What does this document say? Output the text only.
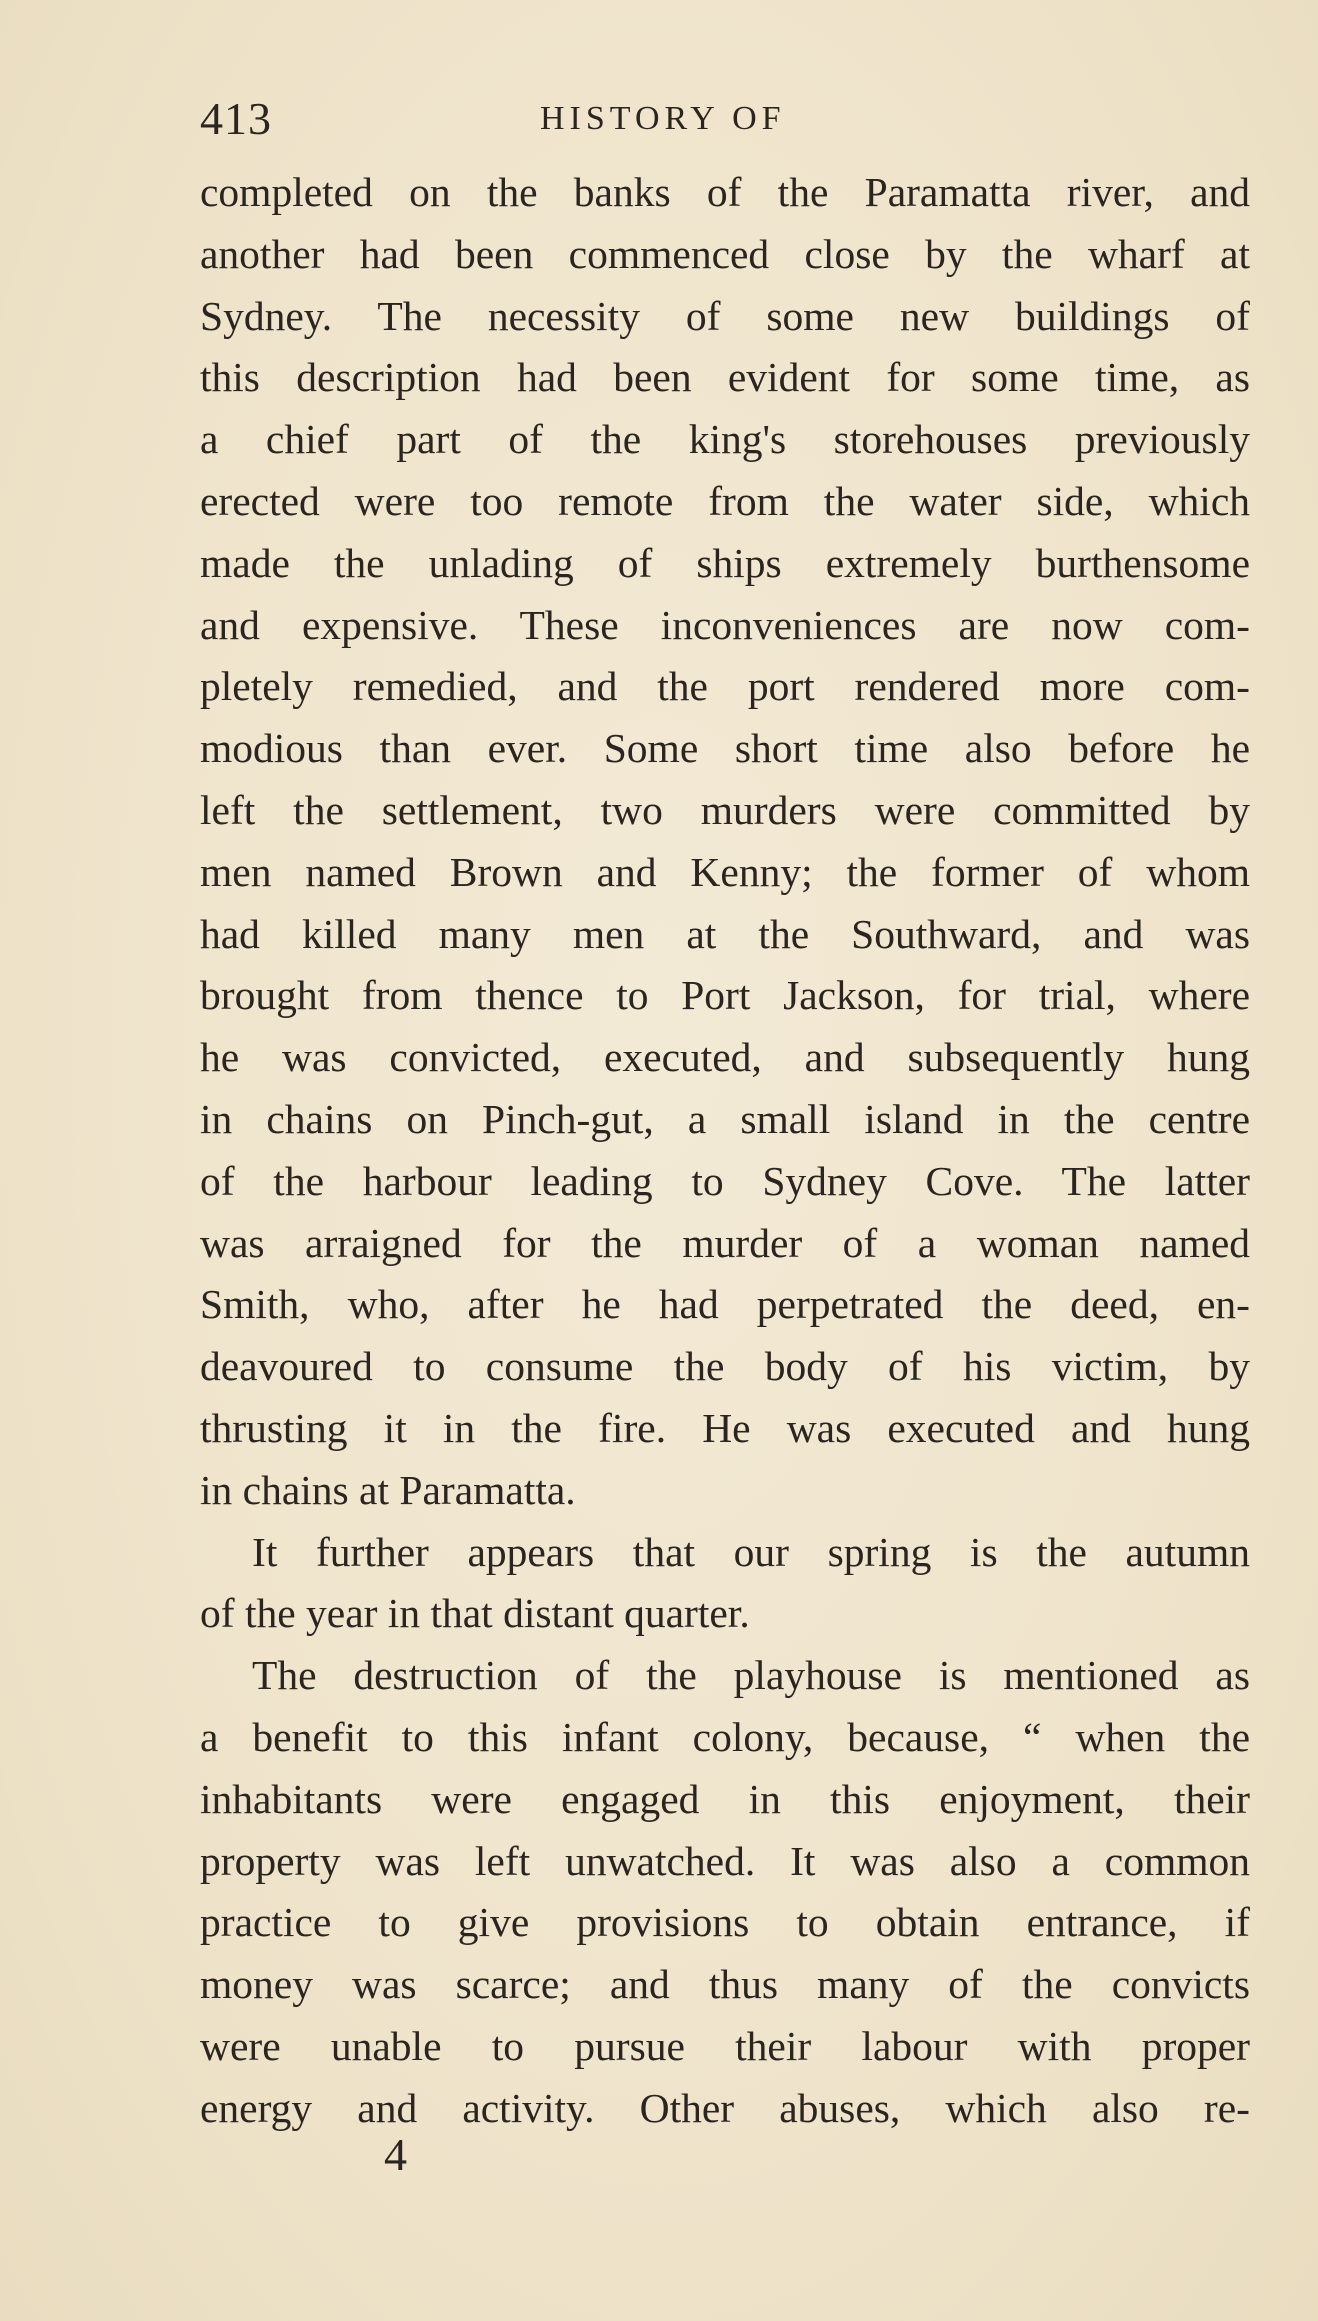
413	HISTORY OF
completed on the banks of the Paramatta river, and
another had been commenced close by the wharf at
Sydney. The necessity of some new buildings of
this description had been evident for some time, as
a chief part of the king's storehouses previously
erected were too remote from the water side, which
made the unlading of ships extremely burthensome
and expensive. These inconveniences are now com-
pletely remedied, and the port rendered more com-
modious than ever. Some short time also before he
left the settlement, two murders were committed by
men named Brown and Kenny; the former of whom
had killed many men at the Southward, and was
brought from thence to Port Jackson, for trial, where
he was convicted, executed, and subsequently hung
in chains on Pinch-gut, a small island in the centre
of the harbour leading to Sydney Cove. The latter
was arraigned for the murder of a woman named
Smith, who, after he had perpetrated the deed, en-
deavoured to consume the body of his victim, by
thrusting it in the fire. He was executed and hung
in chains at Paramatta.
It further appears that our spring is the autumn
of the year in that distant quarter.
The destruction of the playhouse is mentioned as
a benefit to this infant colony, because, “ when the
inhabitants were engaged in this enjoyment, their
property was left unwatched. It was also a common
practice to give provisions to obtain entrance, if
money was scarce; and thus many of the convicts
were unable to pursue their labour with proper
energy and activity. Other abuses, which also re-
4
